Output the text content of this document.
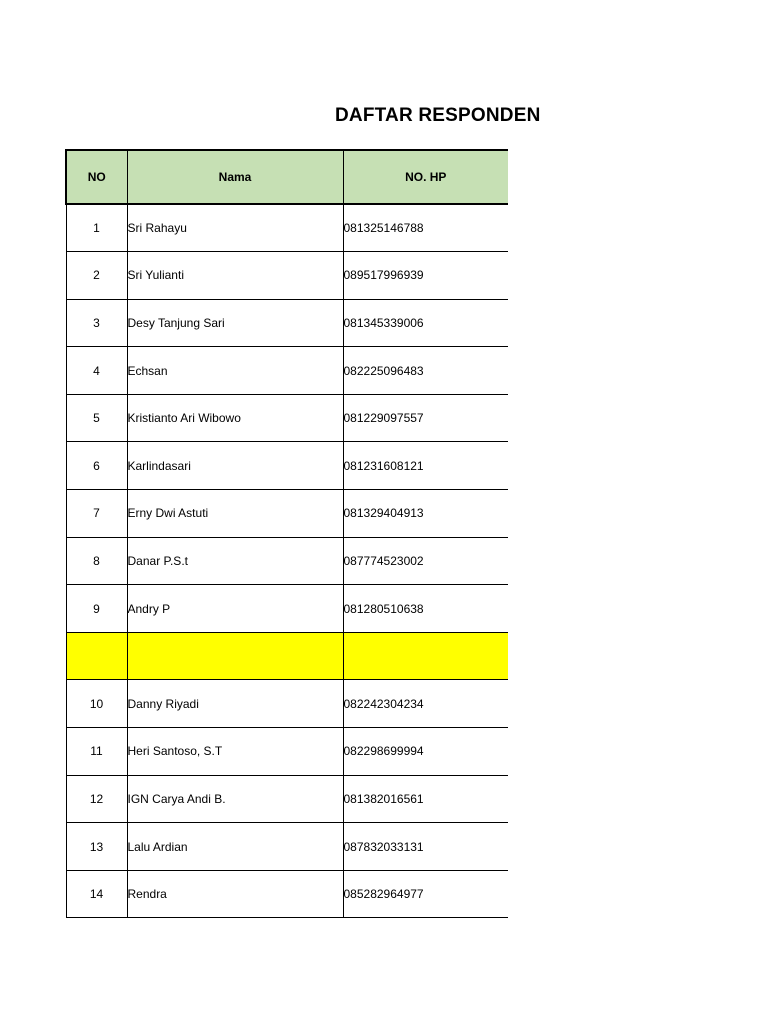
DAFTAR RESPONDEN
NO	Nama	NO. HP
1	Sri Rahayu	081325146788
2	Sri Yulianti	089517996939
3	Desy Tanjung Sari	081345339006
4	Echsan	082225096483
5	Kristianto Ari Wibowo	081229097557
6	Karlindasari	081231608121
7	Erny Dwi Astuti	081329404913
8	Danar P.S.t	087774523002
9	Andry P	081280510638

10	Danny Riyadi	082242304234
11	Heri Santoso, S.T	082298699994
12	IGN Carya Andi B.	081382016561
13	Lalu Ardian	087832033131
14	Rendra	085282964977
